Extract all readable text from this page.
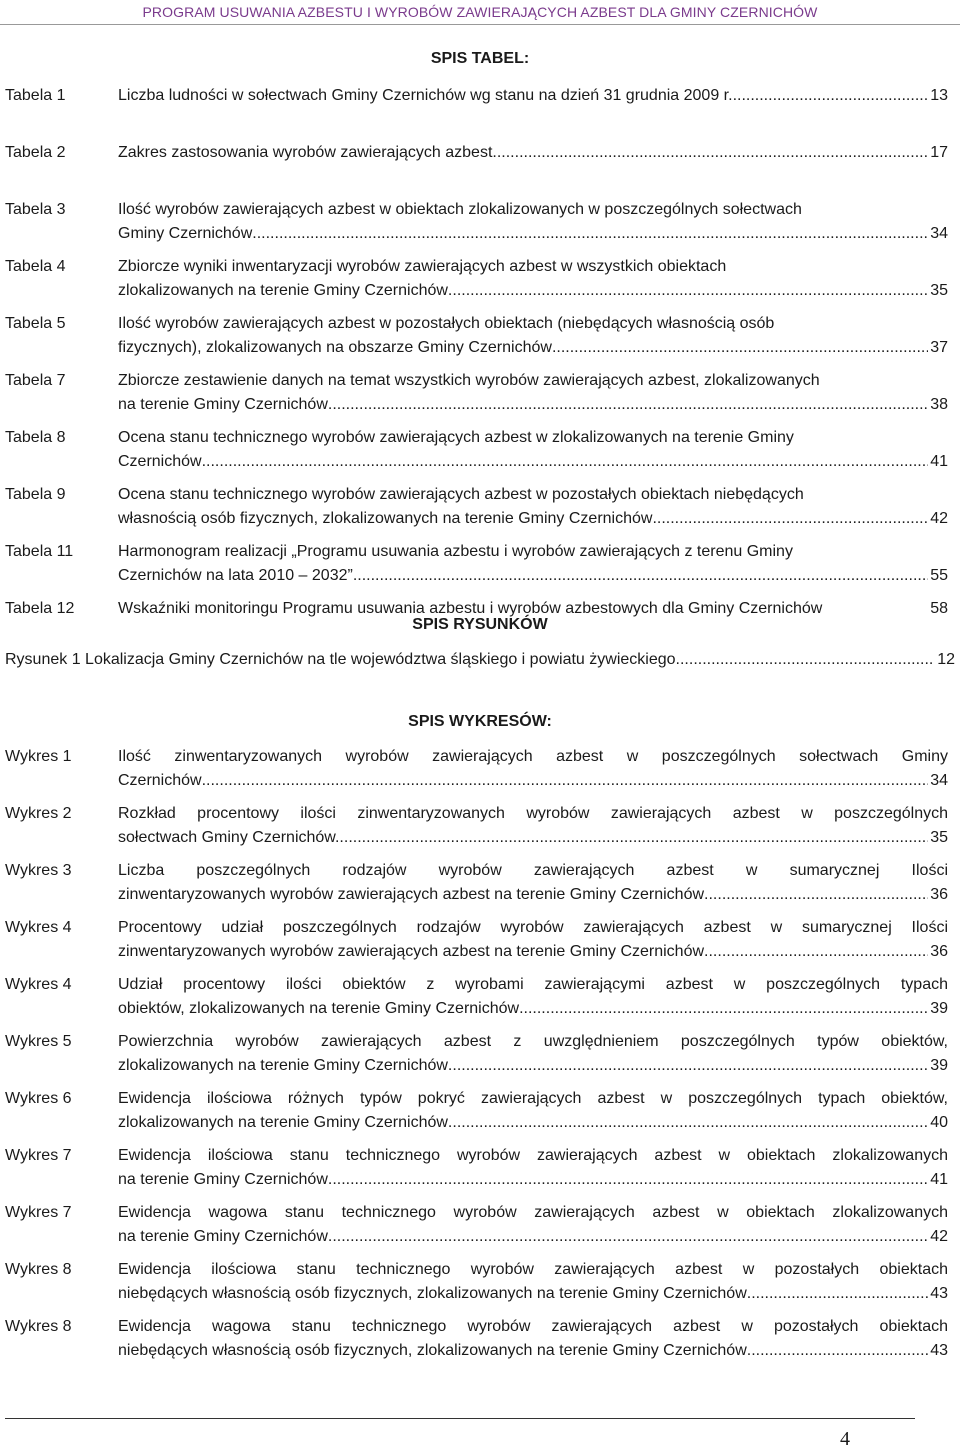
PROGRAM USUWANIA AZBESTU I WYROBÓW ZAWIERAJĄCYCH AZBEST DLA GMINY CZERNICHÓW
SPIS TABEL:
Tabela 1	Liczba ludności w sołectwach Gminy Czernichów wg stanu na dzień 31 grudnia 2009 r. .....	13
Tabela 2	Zakres zastosowania wyrobów zawierających azbest .....	17
Tabela 3	Ilość wyrobów zawierających azbest w obiektach zlokalizowanych w poszczególnych sołectwach
Gminy Czernichów .....	34
Tabela 4	Zbiorcze wyniki inwentaryzacji wyrobów zawierających azbest w wszystkich obiektach
zlokalizowanych na terenie Gminy Czernichów .....	35
Tabela 5	Ilość wyrobów zawierających azbest w pozostałych obiektach (niebędących własnością osób
fizycznych), zlokalizowanych na obszarze Gminy Czernichów .....	37
Tabela 7	Zbiorcze zestawienie danych na temat wszystkich wyrobów zawierających azbest, zlokalizowanych
na terenie Gminy Czernichów .....	38
Tabela 8	Ocena stanu technicznego wyrobów zawierających azbest w zlokalizowanych na terenie Gminy
Czernichów .....	41
Tabela 9	Ocena stanu technicznego wyrobów zawierających azbest w pozostałych obiektach niebędących
własnością osób fizycznych, zlokalizowanych na terenie Gminy Czernichów .....	42
Tabela 11	Harmonogram realizacji „Programu usuwania azbestu i wyrobów zawierających z terenu Gminy
Czernichów na lata 2010 – 2032” .....	55
Tabela 12	Wskaźniki monitoringu Programu usuwania azbestu i wyrobów azbestowych dla Gminy Czernichów	58
SPIS RYSUNKÓW
Rysunek 1 Lokalizacja Gminy Czernichów na tle województwa śląskiego i powiatu żywieckiego .....	12
SPIS WYKRESÓW:
Wykres 1	Ilość zinwentaryzowanych wyrobów zawierających azbest w poszczególnych sołectwach Gminy
Czernichów .....	34
Wykres 2	Rozkład procentowy ilości zinwentaryzowanych wyrobów zawierających azbest w poszczególnych
sołectwach Gminy Czernichów. .....	35
Wykres 3	Liczba poszczególnych rodzajów wyrobów zawierających azbest w sumarycznej Ilości
zinwentaryzowanych wyrobów zawierających azbest na terenie Gminy Czernichów .....	36
Wykres 4	Procentowy udział poszczególnych rodzajów wyrobów zawierających azbest w sumarycznej Ilości
zinwentaryzowanych wyrobów zawierających azbest na terenie Gminy Czernichów .....	36
Wykres 4	Udział procentowy ilości obiektów z wyrobami zawierającymi azbest w poszczególnych typach
obiektów, zlokalizowanych na terenie Gminy Czernichów .....	39
Wykres 5	Powierzchnia wyrobów zawierających azbest z uwzględnieniem poszczególnych typów obiektów,
zlokalizowanych na terenie Gminy Czernichów .....	39
Wykres 6	Ewidencja ilościowa różnych typów pokryć zawierających azbest w poszczególnych typach obiektów,
zlokalizowanych na terenie Gminy Czernichów .....	40
Wykres 7	Ewidencja ilościowa stanu technicznego wyrobów zawierających azbest w obiektach zlokalizowanych
na terenie Gminy Czernichów .....	41
Wykres 7	Ewidencja wagowa stanu technicznego wyrobów zawierających azbest w obiektach zlokalizowanych
na terenie Gminy Czernichów .....	42
Wykres 8	Ewidencja ilościowa stanu technicznego wyrobów zawierających azbest w pozostałych obiektach
niebędących własnością osób fizycznych, zlokalizowanych na terenie Gminy Czernichów .....	43
Wykres 8	Ewidencja wagowa stanu technicznego wyrobów zawierających azbest w pozostałych obiektach
niebędących własnością osób fizycznych, zlokalizowanych na terenie Gminy Czernichów .....	43
4
